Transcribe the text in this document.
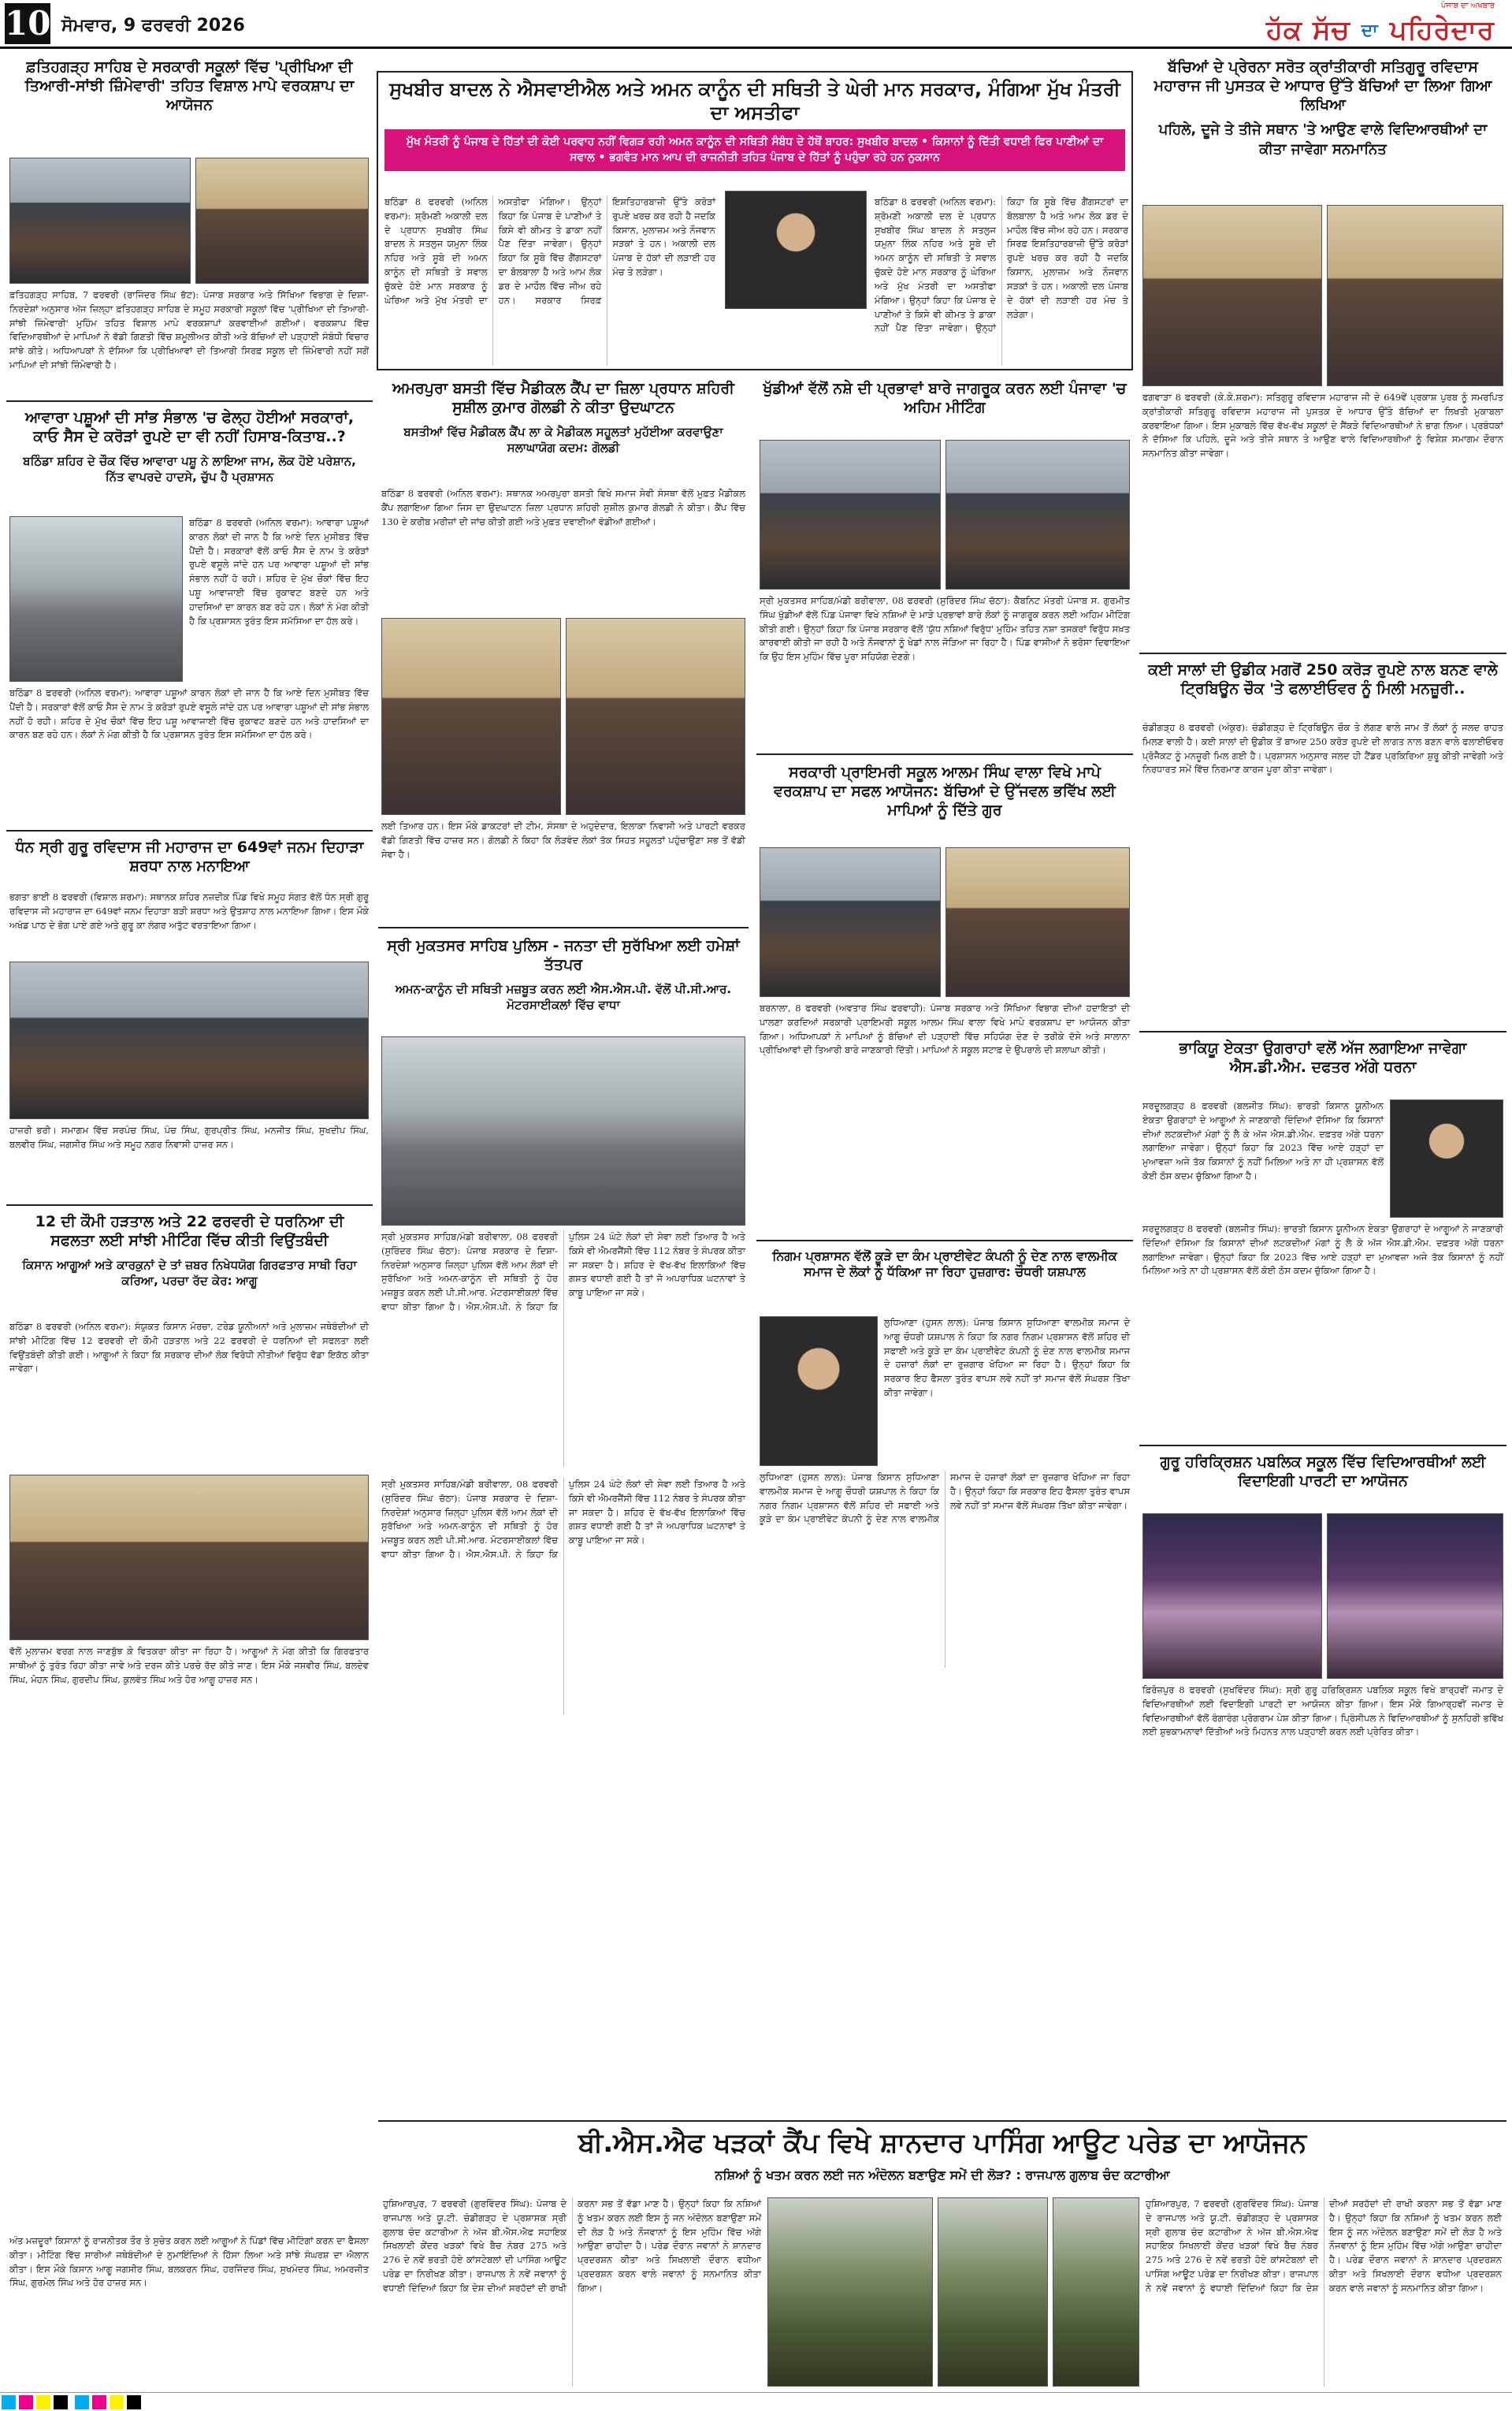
10 ਸੋਮਵਾਰ, 9 ਫਰਵਰੀ 2026
ਪੰਜਾਬ ਦਾ ਅਖ਼ਬਾਰ
ਹੱਕ ਸੱਚ ਦਾ ਪਹਿਰੇਦਾਰ
ਫ਼ਤਿਹਗੜ੍ਹ ਸਾਹਿਬ ਦੇ ਸਰਕਾਰੀ ਸਕੂਲਾਂ ਵਿੱਚ 'ਪ੍ਰੀਖਿਆ ਦੀ ਤਿਆਰੀ-ਸਾਂਝੀ ਜ਼ਿੰਮੇਵਾਰੀ' ਤਹਿਤ ਵਿਸ਼ਾਲ ਮਾਪੇ ਵਰਕਸ਼ਾਪ ਦਾ ਆਯੋਜਨ
ਫ਼ਤਿਹਗੜ੍ਹ ਸਾਹਿਬ, 7 ਫਰਵਰੀ (ਰਾਜਿੰਦਰ ਸਿੰਘ ਭੱਟ): ਪੰਜਾਬ ਸਰਕਾਰ ਅਤੇ ਸਿੱਖਿਆ ਵਿਭਾਗ ਦੇ ਦਿਸ਼ਾ-ਨਿਰਦੇਸ਼ਾਂ ਅਨੁਸਾਰ ਅੱਜ ਜ਼ਿਲ੍ਹਾ ਫ਼ਤਿਹਗੜ੍ਹ ਸਾਹਿਬ ਦੇ ਸਮੂਹ ਸਰਕਾਰੀ ਸਕੂਲਾਂ ਵਿੱਚ 'ਪ੍ਰੀਖਿਆ ਦੀ ਤਿਆਰੀ-ਸਾਂਝੀ ਜ਼ਿੰਮੇਵਾਰੀ' ਮੁਹਿੰਮ ਤਹਿਤ ਵਿਸ਼ਾਲ ਮਾਪੇ ਵਰਕਸ਼ਾਪਾਂ ਕਰਵਾਈਆਂ ਗਈਆਂ। ਵਰਕਸ਼ਾਪ ਵਿੱਚ ਵਿਦਿਆਰਥੀਆਂ ਦੇ ਮਾਪਿਆਂ ਨੇ ਵੱਡੀ ਗਿਣਤੀ ਵਿੱਚ ਸ਼ਮੂਲੀਅਤ ਕੀਤੀ ਅਤੇ ਬੱਚਿਆਂ ਦੀ ਪੜ੍ਹਾਈ ਸੰਬੰਧੀ ਵਿਚਾਰ ਸਾਂਝੇ ਕੀਤੇ। ਅਧਿਆਪਕਾਂ ਨੇ ਦੱਸਿਆ ਕਿ ਪ੍ਰੀਖਿਆਵਾਂ ਦੀ ਤਿਆਰੀ ਸਿਰਫ਼ ਸਕੂਲ ਦੀ ਜ਼ਿੰਮੇਵਾਰੀ ਨਹੀਂ ਸਗੋਂ ਮਾਪਿਆਂ ਦੀ ਸਾਂਝੀ ਜ਼ਿੰਮੇਵਾਰੀ ਹੈ।
ਆਵਾਰਾ ਪਸ਼ੂਆਂ ਦੀ ਸਾਂਭ ਸੰਭਾਲ 'ਚ ਫੇਲ੍ਹ ਹੋਈਆਂ ਸਰਕਾਰਾਂ, ਕਾਓ ਸੈਸ ਦੇ ਕਰੋੜਾਂ ਰੁਪਏ ਦਾ ਵੀ ਨਹੀਂ ਹਿਸਾਬ-ਕਿਤਾਬ..?
ਬਠਿੰਡਾ ਸ਼ਹਿਰ ਦੇ ਚੌਕ ਵਿੱਚ ਆਵਾਰਾ ਪਸ਼ੂ ਨੇ ਲਾਇਆ ਜਾਮ, ਲੋਕ ਹੋਏ ਪਰੇਸ਼ਾਨ, ਨਿੱਤ ਵਾਪਰਦੇ ਹਾਦਸੇ, ਚੁੱਪ ਹੈ ਪ੍ਰਸ਼ਾਸਨ
ਬਠਿੰਡਾ 8 ਫਰਵਰੀ (ਅਨਿਲ ਵਰਮਾ): ਆਵਾਰਾ ਪਸ਼ੂਆਂ ਕਾਰਨ ਲੋਕਾਂ ਦੀ ਜਾਨ ਹੈ ਕਿ ਆਏ ਦਿਨ ਮੁਸੀਬਤ ਵਿੱਚ ਪੈਂਦੀ ਹੈ। ਸਰਕਾਰਾਂ ਵੱਲੋਂ ਕਾਓ ਸੈਸ ਦੇ ਨਾਮ ਤੇ ਕਰੋੜਾਂ ਰੁਪਏ ਵਸੂਲੇ ਜਾਂਦੇ ਹਨ ਪਰ ਆਵਾਰਾ ਪਸ਼ੂਆਂ ਦੀ ਸਾਂਭ ਸੰਭਾਲ ਨਹੀਂ ਹੋ ਰਹੀ। ਸ਼ਹਿਰ ਦੇ ਮੁੱਖ ਚੌਕਾਂ ਵਿੱਚ ਇਹ ਪਸ਼ੂ ਆਵਾਜਾਈ ਵਿੱਚ ਰੁਕਾਵਟ ਬਣਦੇ ਹਨ ਅਤੇ ਹਾਦਸਿਆਂ ਦਾ ਕਾਰਨ ਬਣ ਰਹੇ ਹਨ। ਲੋਕਾਂ ਨੇ ਮੰਗ ਕੀਤੀ ਹੈ ਕਿ ਪ੍ਰਸ਼ਾਸਨ ਤੁਰੰਤ ਇਸ ਸਮੱਸਿਆ ਦਾ ਹੱਲ ਕਰੇ।
ਬਠਿੰਡਾ 8 ਫਰਵਰੀ (ਅਨਿਲ ਵਰਮਾ): ਆਵਾਰਾ ਪਸ਼ੂਆਂ ਕਾਰਨ ਲੋਕਾਂ ਦੀ ਜਾਨ ਹੈ ਕਿ ਆਏ ਦਿਨ ਮੁਸੀਬਤ ਵਿੱਚ ਪੈਂਦੀ ਹੈ। ਸਰਕਾਰਾਂ ਵੱਲੋਂ ਕਾਓ ਸੈਸ ਦੇ ਨਾਮ ਤੇ ਕਰੋੜਾਂ ਰੁਪਏ ਵਸੂਲੇ ਜਾਂਦੇ ਹਨ ਪਰ ਆਵਾਰਾ ਪਸ਼ੂਆਂ ਦੀ ਸਾਂਭ ਸੰਭਾਲ ਨਹੀਂ ਹੋ ਰਹੀ। ਸ਼ਹਿਰ ਦੇ ਮੁੱਖ ਚੌਕਾਂ ਵਿੱਚ ਇਹ ਪਸ਼ੂ ਆਵਾਜਾਈ ਵਿੱਚ ਰੁਕਾਵਟ ਬਣਦੇ ਹਨ ਅਤੇ ਹਾਦਸਿਆਂ ਦਾ ਕਾਰਨ ਬਣ ਰਹੇ ਹਨ। ਲੋਕਾਂ ਨੇ ਮੰਗ ਕੀਤੀ ਹੈ ਕਿ ਪ੍ਰਸ਼ਾਸਨ ਤੁਰੰਤ ਇਸ ਸਮੱਸਿਆ ਦਾ ਹੱਲ ਕਰੇ।
ਧੰਨ ਸ੍ਰੀ ਗੁਰੂ ਰਵਿਦਾਸ ਜੀ ਮਹਾਰਾਜ ਦਾ 649ਵਾਂ ਜਨਮ ਦਿਹਾੜਾ ਸ਼ਰਧਾ ਨਾਲ ਮਨਾਇਆ
ਭਗਤਾ ਭਾਈ 8 ਫਰਵਰੀ (ਵਿਸ਼ਾਲ ਸ਼ਰਮਾ): ਸਥਾਨਕ ਸ਼ਹਿਰ ਨਜ਼ਦੀਕ ਪਿੰਡ ਵਿਖੇ ਸਮੂਹ ਸੰਗਤ ਵੱਲੋਂ ਧੰਨ ਸ੍ਰੀ ਗੁਰੂ ਰਵਿਦਾਸ ਜੀ ਮਹਾਰਾਜ ਦਾ 649ਵਾਂ ਜਨਮ ਦਿਹਾੜਾ ਬੜੀ ਸ਼ਰਧਾ ਅਤੇ ਉਤਸ਼ਾਹ ਨਾਲ ਮਨਾਇਆ ਗਿਆ। ਇਸ ਮੌਕੇ ਅਖੰਡ ਪਾਠ ਦੇ ਭੋਗ ਪਾਏ ਗਏ ਅਤੇ ਗੁਰੂ ਕਾ ਲੰਗਰ ਅਤੁੱਟ ਵਰਤਾਇਆ ਗਿਆ।
ਹਾਜ਼ਰੀ ਭਰੀ। ਸਮਾਗਮ ਵਿੱਚ ਸਰਪੰਚ ਸਿੰਘ, ਪੰਚ ਸਿੰਘ, ਗੁਰਪ੍ਰੀਤ ਸਿੰਘ, ਮਨਜੀਤ ਸਿੰਘ, ਸੁਖਦੀਪ ਸਿੰਘ, ਬਲਵੀਰ ਸਿੰਘ, ਜਗਸੀਰ ਸਿੰਘ ਅਤੇ ਸਮੂਹ ਨਗਰ ਨਿਵਾਸੀ ਹਾਜ਼ਰ ਸਨ।
12 ਦੀ ਕੌਮੀ ਹੜਤਾਲ ਅਤੇ 22 ਫਰਵਰੀ ਦੇ ਧਰਨਿਆ ਦੀ ਸਫਲਤਾ ਲਈ ਸਾਂਝੀ ਮੀਟਿੰਗ ਵਿੱਚ ਕੀਤੀ ਵਿਉਂਤਬੰਦੀ
ਕਿਸਾਨ ਆਗੂਆਂ ਅਤੇ ਕਾਰਕੁਨਾਂ ਦੇ ਤਾਂ ਜ਼ਬਰ ਨਿਖੇਧਯੋਗ ਗਿਰਫਤਾਰ ਸਾਥੀ ਰਿਹਾ ਕਰਿਆ, ਪਰਚਾ ਰੱਦ ਕੇਰ: ਆਗੂ
ਬਠਿੰਡਾ 8 ਫਰਵਰੀ (ਅਨਿਲ ਵਰਮਾ): ਸੰਯੁਕਤ ਕਿਸਾਨ ਮੋਰਚਾ, ਟਰੇਡ ਯੂਨੀਅਨਾਂ ਅਤੇ ਮੁਲਾਜ਼ਮ ਜਥੇਬੰਦੀਆਂ ਦੀ ਸਾਂਝੀ ਮੀਟਿੰਗ ਵਿੱਚ 12 ਫਰਵਰੀ ਦੀ ਕੌਮੀ ਹੜਤਾਲ ਅਤੇ 22 ਫਰਵਰੀ ਦੇ ਧਰਨਿਆਂ ਦੀ ਸਫਲਤਾ ਲਈ ਵਿਉਂਤਬੰਦੀ ਕੀਤੀ ਗਈ। ਆਗੂਆਂ ਨੇ ਕਿਹਾ ਕਿ ਸਰਕਾਰ ਦੀਆਂ ਲੋਕ ਵਿਰੋਧੀ ਨੀਤੀਆਂ ਵਿਰੁੱਧ ਵੱਡਾ ਇਕੱਠ ਕੀਤਾ ਜਾਵੇਗਾ।
ਵੱਲੋਂ ਮੁਲਾਜ਼ਮ ਵਰਗ ਨਾਲ ਜਾਣਬੁੱਝ ਕੇ ਵਿਤਕਰਾ ਕੀਤਾ ਜਾ ਰਿਹਾ ਹੈ। ਆਗੂਆਂ ਨੇ ਮੰਗ ਕੀਤੀ ਕਿ ਗਿਰਫਤਾਰ ਸਾਥੀਆਂ ਨੂੰ ਤੁਰੰਤ ਰਿਹਾ ਕੀਤਾ ਜਾਵੇ ਅਤੇ ਦਰਜ ਕੀਤੇ ਪਰਚੇ ਰੱਦ ਕੀਤੇ ਜਾਣ। ਇਸ ਮੌਕੇ ਜਸਵੀਰ ਸਿੰਘ, ਬਲਦੇਵ ਸਿੰਘ, ਮੋਹਨ ਸਿੰਘ, ਗੁਰਦੀਪ ਸਿੰਘ, ਕੁਲਵੰਤ ਸਿੰਘ ਅਤੇ ਹੋਰ ਆਗੂ ਹਾਜ਼ਰ ਸਨ।
ਅੰਤ ਮਜ਼ਦੂਰਾਂ ਕਿਸਾਨਾਂ ਨੂੰ ਰਾਜਨੀਤਕ ਤੌਰ ਤੇ ਸੁਚੇਤ ਕਰਨ ਲਈ ਆਗੂਆਂ ਨੇ ਪਿੰਡਾਂ ਵਿੱਚ ਮੀਟਿੰਗਾਂ ਕਰਨ ਦਾ ਫੈਸਲਾ ਕੀਤਾ। ਮੀਟਿੰਗ ਵਿੱਚ ਸਾਰੀਆਂ ਜਥੇਬੰਦੀਆਂ ਦੇ ਨੁਮਾਇੰਦਿਆਂ ਨੇ ਹਿੱਸਾ ਲਿਆ ਅਤੇ ਸਾਂਝੇ ਸੰਘਰਸ਼ ਦਾ ਐਲਾਨ ਕੀਤਾ। ਇਸ ਮੌਕੇ ਕਿਸਾਨ ਆਗੂ ਜਗਸੀਰ ਸਿੰਘ, ਬਲਕਰਨ ਸਿੰਘ, ਹਰਜਿੰਦਰ ਸਿੰਘ, ਸੁਖਮੰਦਰ ਸਿੰਘ, ਅਮਰਜੀਤ ਸਿੰਘ, ਗੁਰਮੇਲ ਸਿੰਘ ਅਤੇ ਹੋਰ ਹਾਜ਼ਰ ਸਨ।
ਸੁਖਬੀਰ ਬਾਦਲ ਨੇ ਐਸਵਾਈਐਲ ਅਤੇ ਅਮਨ ਕਾਨੂੰਨ ਦੀ ਸਥਿਤੀ ਤੇ ਘੇਰੀ ਮਾਨ ਸਰਕਾਰ, ਮੰਗਿਆ ਮੁੱਖ ਮੰਤਰੀ ਦਾ ਅਸਤੀਫਾ
ਮੁੱਖ ਮੰਤਰੀ ਨੂੰ ਪੰਜਾਬ ਦੇ ਹਿੱਤਾਂ ਦੀ ਕੋਈ ਪਰਵਾਹ ਨਹੀਂ ਵਿਗੜ ਰਹੀ ਅਮਨ ਕਾਨੂੰਨ ਦੀ ਸਥਿਤੀ ਸੰਬੰਧ ਦੇ ਹੱਥੋਂ ਬਾਹਰ: ਸੁਖਬੀਰ ਬਾਦਲ • ਕਿਸਾਨਾਂ ਨੂੰ ਦਿੱਤੀ ਵਧਾਈ ਫਿਰ ਪਾਣੀਆਂ ਦਾ ਸਵਾਲ • ਭਗਵੰਤ ਮਾਨ ਆਪ ਦੀ ਰਾਜਨੀਤੀ ਤਹਿਤ ਪੰਜਾਬ ਦੇ ਹਿੱਤਾਂ ਨੂੰ ਪਹੁੰਚਾ ਰਹੇ ਹਨ ਨੁਕਸਾਨ
ਬਠਿੰਡਾ 8 ਫਰਵਰੀ (ਅਨਿਲ ਵਰਮਾ): ਸ਼੍ਰੋਮਣੀ ਅਕਾਲੀ ਦਲ ਦੇ ਪ੍ਰਧਾਨ ਸੁਖਬੀਰ ਸਿੰਘ ਬਾਦਲ ਨੇ ਸਤਲੁਜ ਯਮੁਨਾ ਲਿੰਕ ਨਹਿਰ ਅਤੇ ਸੂਬੇ ਦੀ ਅਮਨ ਕਾਨੂੰਨ ਦੀ ਸਥਿਤੀ ਤੇ ਸਵਾਲ ਚੁੱਕਦੇ ਹੋਏ ਮਾਨ ਸਰਕਾਰ ਨੂੰ ਘੇਰਿਆ ਅਤੇ ਮੁੱਖ ਮੰਤਰੀ ਦਾ ਅਸਤੀਫਾ ਮੰਗਿਆ। ਉਨ੍ਹਾਂ ਕਿਹਾ ਕਿ ਪੰਜਾਬ ਦੇ ਪਾਣੀਆਂ ਤੇ ਕਿਸੇ ਵੀ ਕੀਮਤ ਤੇ ਡਾਕਾ ਨਹੀਂ ਪੈਣ ਦਿੱਤਾ ਜਾਵੇਗਾ। ਉਨ੍ਹਾਂ ਕਿਹਾ ਕਿ ਸੂਬੇ ਵਿੱਚ ਗੈਂਗਸਟਰਾਂ ਦਾ ਬੋਲਬਾਲਾ ਹੈ ਅਤੇ ਆਮ ਲੋਕ ਡਰ ਦੇ ਮਾਹੌਲ ਵਿੱਚ ਜੀਅ ਰਹੇ ਹਨ। ਸਰਕਾਰ ਸਿਰਫ਼ ਇਸ਼ਤਿਹਾਰਬਾਜ਼ੀ ਉੱਤੇ ਕਰੋੜਾਂ ਰੁਪਏ ਖਰਚ ਕਰ ਰਹੀ ਹੈ ਜਦਕਿ ਕਿਸਾਨ, ਮੁਲਾਜ਼ਮ ਅਤੇ ਨੌਜਵਾਨ ਸੜਕਾਂ ਤੇ ਹਨ। ਅਕਾਲੀ ਦਲ ਪੰਜਾਬ ਦੇ ਹੱਕਾਂ ਦੀ ਲੜਾਈ ਹਰ ਮੰਚ ਤੇ ਲੜੇਗਾ।
ਬਠਿੰਡਾ 8 ਫਰਵਰੀ (ਅਨਿਲ ਵਰਮਾ): ਸ਼੍ਰੋਮਣੀ ਅਕਾਲੀ ਦਲ ਦੇ ਪ੍ਰਧਾਨ ਸੁਖਬੀਰ ਸਿੰਘ ਬਾਦਲ ਨੇ ਸਤਲੁਜ ਯਮੁਨਾ ਲਿੰਕ ਨਹਿਰ ਅਤੇ ਸੂਬੇ ਦੀ ਅਮਨ ਕਾਨੂੰਨ ਦੀ ਸਥਿਤੀ ਤੇ ਸਵਾਲ ਚੁੱਕਦੇ ਹੋਏ ਮਾਨ ਸਰਕਾਰ ਨੂੰ ਘੇਰਿਆ ਅਤੇ ਮੁੱਖ ਮੰਤਰੀ ਦਾ ਅਸਤੀਫਾ ਮੰਗਿਆ। ਉਨ੍ਹਾਂ ਕਿਹਾ ਕਿ ਪੰਜਾਬ ਦੇ ਪਾਣੀਆਂ ਤੇ ਕਿਸੇ ਵੀ ਕੀਮਤ ਤੇ ਡਾਕਾ ਨਹੀਂ ਪੈਣ ਦਿੱਤਾ ਜਾਵੇਗਾ। ਉਨ੍ਹਾਂ ਕਿਹਾ ਕਿ ਸੂਬੇ ਵਿੱਚ ਗੈਂਗਸਟਰਾਂ ਦਾ ਬੋਲਬਾਲਾ ਹੈ ਅਤੇ ਆਮ ਲੋਕ ਡਰ ਦੇ ਮਾਹੌਲ ਵਿੱਚ ਜੀਅ ਰਹੇ ਹਨ। ਸਰਕਾਰ ਸਿਰਫ਼ ਇਸ਼ਤਿਹਾਰਬਾਜ਼ੀ ਉੱਤੇ ਕਰੋੜਾਂ ਰੁਪਏ ਖਰਚ ਕਰ ਰਹੀ ਹੈ ਜਦਕਿ ਕਿਸਾਨ, ਮੁਲਾਜ਼ਮ ਅਤੇ ਨੌਜਵਾਨ ਸੜਕਾਂ ਤੇ ਹਨ। ਅਕਾਲੀ ਦਲ ਪੰਜਾਬ ਦੇ ਹੱਕਾਂ ਦੀ ਲੜਾਈ ਹਰ ਮੰਚ ਤੇ ਲੜੇਗਾ।
ਅਮਰਪੁਰਾ ਬਸਤੀ ਵਿੱਚ ਮੈਡੀਕਲ ਕੈਂਪ ਦਾ ਜ਼ਿਲਾ ਪ੍ਰਧਾਨ ਸ਼ਹਿਰੀ ਸੁਸ਼ੀਲ ਕੁਮਾਰ ਗੋਲਡੀ ਨੇ ਕੀਤਾ ਉਦਘਾਟਨ
ਬਸਤੀਆਂ ਵਿੱਚ ਮੈਡੀਕਲ ਕੈਂਪ ਲਾ ਕੇ ਮੈਡੀਕਲ ਸਹੂਲਤਾਂ ਮੁਹੱਈਆ ਕਰਵਾਉਣਾ ਸਲਾਘਾਯੋਗ ਕਦਮ: ਗੋਲਡੀ
ਬਠਿੰਡਾ 8 ਫਰਵਰੀ (ਅਨਿਲ ਵਰਮਾ): ਸਥਾਨਕ ਅਮਰਪੁਰਾ ਬਸਤੀ ਵਿਖੇ ਸਮਾਜ ਸੇਵੀ ਸੰਸਥਾ ਵੱਲੋਂ ਮੁਫ਼ਤ ਮੈਡੀਕਲ ਕੈਂਪ ਲਗਾਇਆ ਗਿਆ ਜਿਸ ਦਾ ਉਦਘਾਟਨ ਜ਼ਿਲਾ ਪ੍ਰਧਾਨ ਸ਼ਹਿਰੀ ਸੁਸ਼ੀਲ ਕੁਮਾਰ ਗੋਲਡੀ ਨੇ ਕੀਤਾ। ਕੈਂਪ ਵਿੱਚ 130 ਦੇ ਕਰੀਬ ਮਰੀਜ਼ਾਂ ਦੀ ਜਾਂਚ ਕੀਤੀ ਗਈ ਅਤੇ ਮੁਫ਼ਤ ਦਵਾਈਆਂ ਵੰਡੀਆਂ ਗਈਆਂ।
ਲਈ ਤਿਆਰ ਹਨ। ਇਸ ਮੌਕੇ ਡਾਕਟਰਾਂ ਦੀ ਟੀਮ, ਸੰਸਥਾ ਦੇ ਅਹੁਦੇਦਾਰ, ਇਲਾਕਾ ਨਿਵਾਸੀ ਅਤੇ ਪਾਰਟੀ ਵਰਕਰ ਵੱਡੀ ਗਿਣਤੀ ਵਿੱਚ ਹਾਜ਼ਰ ਸਨ। ਗੋਲਡੀ ਨੇ ਕਿਹਾ ਕਿ ਲੋੜਵੰਦ ਲੋਕਾਂ ਤੱਕ ਸਿਹਤ ਸਹੂਲਤਾਂ ਪਹੁੰਚਾਉਣਾ ਸਭ ਤੋਂ ਵੱਡੀ ਸੇਵਾ ਹੈ।
ਸ੍ਰੀ ਮੁਕਤਸਰ ਸਾਹਿਬ ਪੁਲਿਸ - ਜਨਤਾ ਦੀ ਸੁਰੱਖਿਆ ਲਈ ਹਮੇਸ਼ਾਂ ਤੱਤਪਰ
ਅਮਨ-ਕਾਨੂੰਨ ਦੀ ਸਥਿਤੀ ਮਜ਼ਬੂਤ ਕਰਨ ਲਈ ਐਸ.ਐਸ.ਪੀ. ਵੱਲੋਂ ਪੀ.ਸੀ.ਆਰ. ਮੋਟਰਸਾਈਕਲਾਂ ਵਿੱਚ ਵਾਧਾ
ਸ੍ਰੀ ਮੁਕਤਸਰ ਸਾਹਿਬ/ਮੰਡੀ ਬਰੀਵਾਲਾ, 08 ਫਰਵਰੀ (ਸੁਰਿੰਦਰ ਸਿੰਘ ਚੱਠਾ): ਪੰਜਾਬ ਸਰਕਾਰ ਦੇ ਦਿਸ਼ਾ-ਨਿਰਦੇਸ਼ਾਂ ਅਨੁਸਾਰ ਜ਼ਿਲ੍ਹਾ ਪੁਲਿਸ ਵੱਲੋਂ ਆਮ ਲੋਕਾਂ ਦੀ ਸੁਰੱਖਿਆ ਅਤੇ ਅਮਨ-ਕਾਨੂੰਨ ਦੀ ਸਥਿਤੀ ਨੂੰ ਹੋਰ ਮਜ਼ਬੂਤ ਕਰਨ ਲਈ ਪੀ.ਸੀ.ਆਰ. ਮੋਟਰਸਾਈਕਲਾਂ ਵਿੱਚ ਵਾਧਾ ਕੀਤਾ ਗਿਆ ਹੈ। ਐਸ.ਐਸ.ਪੀ. ਨੇ ਕਿਹਾ ਕਿ ਪੁਲਿਸ 24 ਘੰਟੇ ਲੋਕਾਂ ਦੀ ਸੇਵਾ ਲਈ ਤਿਆਰ ਹੈ ਅਤੇ ਕਿਸੇ ਵੀ ਐਮਰਜੈਂਸੀ ਵਿੱਚ 112 ਨੰਬਰ ਤੇ ਸੰਪਰਕ ਕੀਤਾ ਜਾ ਸਕਦਾ ਹੈ। ਸ਼ਹਿਰ ਦੇ ਵੱਖ-ਵੱਖ ਇਲਾਕਿਆਂ ਵਿੱਚ ਗਸ਼ਤ ਵਧਾਈ ਗਈ ਹੈ ਤਾਂ ਜੋ ਅਪਰਾਧਿਕ ਘਟਨਾਵਾਂ ਤੇ ਕਾਬੂ ਪਾਇਆ ਜਾ ਸਕੇ।
ਸ੍ਰੀ ਮੁਕਤਸਰ ਸਾਹਿਬ/ਮੰਡੀ ਬਰੀਵਾਲਾ, 08 ਫਰਵਰੀ (ਸੁਰਿੰਦਰ ਸਿੰਘ ਚੱਠਾ): ਪੰਜਾਬ ਸਰਕਾਰ ਦੇ ਦਿਸ਼ਾ-ਨਿਰਦੇਸ਼ਾਂ ਅਨੁਸਾਰ ਜ਼ਿਲ੍ਹਾ ਪੁਲਿਸ ਵੱਲੋਂ ਆਮ ਲੋਕਾਂ ਦੀ ਸੁਰੱਖਿਆ ਅਤੇ ਅਮਨ-ਕਾਨੂੰਨ ਦੀ ਸਥਿਤੀ ਨੂੰ ਹੋਰ ਮਜ਼ਬੂਤ ਕਰਨ ਲਈ ਪੀ.ਸੀ.ਆਰ. ਮੋਟਰਸਾਈਕਲਾਂ ਵਿੱਚ ਵਾਧਾ ਕੀਤਾ ਗਿਆ ਹੈ। ਐਸ.ਐਸ.ਪੀ. ਨੇ ਕਿਹਾ ਕਿ ਪੁਲਿਸ 24 ਘੰਟੇ ਲੋਕਾਂ ਦੀ ਸੇਵਾ ਲਈ ਤਿਆਰ ਹੈ ਅਤੇ ਕਿਸੇ ਵੀ ਐਮਰਜੈਂਸੀ ਵਿੱਚ 112 ਨੰਬਰ ਤੇ ਸੰਪਰਕ ਕੀਤਾ ਜਾ ਸਕਦਾ ਹੈ। ਸ਼ਹਿਰ ਦੇ ਵੱਖ-ਵੱਖ ਇਲਾਕਿਆਂ ਵਿੱਚ ਗਸ਼ਤ ਵਧਾਈ ਗਈ ਹੈ ਤਾਂ ਜੋ ਅਪਰਾਧਿਕ ਘਟਨਾਵਾਂ ਤੇ ਕਾਬੂ ਪਾਇਆ ਜਾ ਸਕੇ।
ਖੁੱਡੀਆਂ ਵੱਲੋਂ ਨਸ਼ੇ ਦੀ ਪ੍ਰਭਾਵਾਂ ਬਾਰੇ ਜਾਗਰੂਕ ਕਰਨ ਲਈ ਪੰਜਾਵਾ 'ਚ ਅਹਿਮ ਮੀਟਿੰਗ
ਸ੍ਰੀ ਮੁਕਤਸਰ ਸਾਹਿਬ/ਮੰਡੀ ਬਰੀਵਾਲਾ, 08 ਫਰਵਰੀ (ਸੁਰਿੰਦਰ ਸਿੰਘ ਚੱਠਾ): ਕੈਬਨਿਟ ਮੰਤਰੀ ਪੰਜਾਬ ਸ. ਗੁਰਮੀਤ ਸਿੰਘ ਖੁੱਡੀਆਂ ਵੱਲੋਂ ਪਿੰਡ ਪੰਜਾਵਾ ਵਿਖੇ ਨਸ਼ਿਆਂ ਦੇ ਮਾੜੇ ਪ੍ਰਭਾਵਾਂ ਬਾਰੇ ਲੋਕਾਂ ਨੂੰ ਜਾਗਰੂਕ ਕਰਨ ਲਈ ਅਹਿਮ ਮੀਟਿੰਗ ਕੀਤੀ ਗਈ। ਉਨ੍ਹਾਂ ਕਿਹਾ ਕਿ ਪੰਜਾਬ ਸਰਕਾਰ ਵੱਲੋਂ 'ਯੁੱਧ ਨਸ਼ਿਆਂ ਵਿਰੁੱਧ' ਮੁਹਿੰਮ ਤਹਿਤ ਨਸ਼ਾ ਤਸਕਰਾਂ ਵਿਰੁੱਧ ਸਖ਼ਤ ਕਾਰਵਾਈ ਕੀਤੀ ਜਾ ਰਹੀ ਹੈ ਅਤੇ ਨੌਜਵਾਨਾਂ ਨੂੰ ਖੇਡਾਂ ਨਾਲ ਜੋੜਿਆ ਜਾ ਰਿਹਾ ਹੈ। ਪਿੰਡ ਵਾਸੀਆਂ ਨੇ ਭਰੋਸਾ ਦਿਵਾਇਆ ਕਿ ਉਹ ਇਸ ਮੁਹਿੰਮ ਵਿੱਚ ਪੂਰਾ ਸਹਿਯੋਗ ਦੇਣਗੇ।
ਸਰਕਾਰੀ ਪ੍ਰਾਇਮਰੀ ਸਕੂਲ ਆਲਮ ਸਿੰਘ ਵਾਲਾ ਵਿਖੇ ਮਾਪੇ ਵਰਕਸ਼ਾਪ ਦਾ ਸਫਲ ਆਯੋਜਨ: ਬੱਚਿਆਂ ਦੇ ਉੱਜਵਲ ਭਵਿੱਖ ਲਈ ਮਾਪਿਆਂ ਨੂੰ ਦਿੱਤੇ ਗੁਰ
ਬਰਨਾਲਾ, 8 ਫਰਵਰੀ (ਅਵਤਾਰ ਸਿੰਘ ਫਰਵਾਹੀ): ਪੰਜਾਬ ਸਰਕਾਰ ਅਤੇ ਸਿੱਖਿਆ ਵਿਭਾਗ ਦੀਆਂ ਹਦਾਇਤਾਂ ਦੀ ਪਾਲਣਾ ਕਰਦਿਆਂ ਸਰਕਾਰੀ ਪ੍ਰਾਇਮਰੀ ਸਕੂਲ ਆਲਮ ਸਿੰਘ ਵਾਲਾ ਵਿਖੇ ਮਾਪੇ ਵਰਕਸ਼ਾਪ ਦਾ ਆਯੋਜਨ ਕੀਤਾ ਗਿਆ। ਅਧਿਆਪਕਾਂ ਨੇ ਮਾਪਿਆਂ ਨੂੰ ਬੱਚਿਆਂ ਦੀ ਪੜ੍ਹਾਈ ਵਿੱਚ ਸਹਿਯੋਗ ਦੇਣ ਦੇ ਤਰੀਕੇ ਦੱਸੇ ਅਤੇ ਸਾਲਾਨਾ ਪ੍ਰੀਖਿਆਵਾਂ ਦੀ ਤਿਆਰੀ ਬਾਰੇ ਜਾਣਕਾਰੀ ਦਿੱਤੀ। ਮਾਪਿਆਂ ਨੇ ਸਕੂਲ ਸਟਾਫ਼ ਦੇ ਉਪਰਾਲੇ ਦੀ ਸ਼ਲਾਘਾ ਕੀਤੀ।
ਨਿਗਮ ਪ੍ਰਸ਼ਾਸਨ ਵੱਲੋਂ ਕੂੜੇ ਦਾ ਕੰਮ ਪ੍ਰਾਈਵੇਟ ਕੰਪਨੀ ਨੂੰ ਦੇਣ ਨਾਲ ਵਾਲਮੀਕ ਸਮਾਜ ਦੇ ਲੋਕਾਂ ਨੂੰ ਧੱਕਿਆ ਜਾ ਰਿਹਾ ਹੁਜ਼ਗਾਰ: ਚੌਧਰੀ ਯਸ਼ਪਾਲ
ਲੁਧਿਆਣਾ (ਹੁਸਨ ਲਾਲ): ਪੰਜਾਬ ਕਿਸਾਨ ਸੁਧਿਆਣਾ ਵਾਲਮੀਕ ਸਮਾਜ ਦੇ ਆਗੂ ਚੌਧਰੀ ਯਸ਼ਪਾਲ ਨੇ ਕਿਹਾ ਕਿ ਨਗਰ ਨਿਗਮ ਪ੍ਰਸ਼ਾਸਨ ਵੱਲੋਂ ਸ਼ਹਿਰ ਦੀ ਸਫਾਈ ਅਤੇ ਕੂੜੇ ਦਾ ਕੰਮ ਪ੍ਰਾਈਵੇਟ ਕੰਪਨੀ ਨੂੰ ਦੇਣ ਨਾਲ ਵਾਲਮੀਕ ਸਮਾਜ ਦੇ ਹਜ਼ਾਰਾਂ ਲੋਕਾਂ ਦਾ ਰੁਜ਼ਗਾਰ ਖੋਹਿਆ ਜਾ ਰਿਹਾ ਹੈ। ਉਨ੍ਹਾਂ ਕਿਹਾ ਕਿ ਸਰਕਾਰ ਇਹ ਫੈਸਲਾ ਤੁਰੰਤ ਵਾਪਸ ਲਵੇ ਨਹੀਂ ਤਾਂ ਸਮਾਜ ਵੱਲੋਂ ਸੰਘਰਸ਼ ਤਿੱਖਾ ਕੀਤਾ ਜਾਵੇਗਾ।
ਲੁਧਿਆਣਾ (ਹੁਸਨ ਲਾਲ): ਪੰਜਾਬ ਕਿਸਾਨ ਸੁਧਿਆਣਾ ਵਾਲਮੀਕ ਸਮਾਜ ਦੇ ਆਗੂ ਚੌਧਰੀ ਯਸ਼ਪਾਲ ਨੇ ਕਿਹਾ ਕਿ ਨਗਰ ਨਿਗਮ ਪ੍ਰਸ਼ਾਸਨ ਵੱਲੋਂ ਸ਼ਹਿਰ ਦੀ ਸਫਾਈ ਅਤੇ ਕੂੜੇ ਦਾ ਕੰਮ ਪ੍ਰਾਈਵੇਟ ਕੰਪਨੀ ਨੂੰ ਦੇਣ ਨਾਲ ਵਾਲਮੀਕ ਸਮਾਜ ਦੇ ਹਜ਼ਾਰਾਂ ਲੋਕਾਂ ਦਾ ਰੁਜ਼ਗਾਰ ਖੋਹਿਆ ਜਾ ਰਿਹਾ ਹੈ। ਉਨ੍ਹਾਂ ਕਿਹਾ ਕਿ ਸਰਕਾਰ ਇਹ ਫੈਸਲਾ ਤੁਰੰਤ ਵਾਪਸ ਲਵੇ ਨਹੀਂ ਤਾਂ ਸਮਾਜ ਵੱਲੋਂ ਸੰਘਰਸ਼ ਤਿੱਖਾ ਕੀਤਾ ਜਾਵੇਗਾ।
ਬੱਚਿਆਂ ਦੇ ਪ੍ਰੇਰਨਾ ਸਰੋਤ ਕ੍ਰਾਂਤੀਕਾਰੀ ਸਤਿਗੁਰੂ ਰਵਿਦਾਸ ਮਹਾਰਾਜ ਜੀ ਪੁਸਤਕ ਦੇ ਆਧਾਰ ਉੱਤੇ ਬੱਚਿਆਂ ਦਾ ਲਿਆ ਗਿਆ ਲਿਖਿਆ
ਪਹਿਲੇ, ਦੂਜੇ ਤੇ ਤੀਜੇ ਸਥਾਨ 'ਤੇ ਆਉਣ ਵਾਲੇ ਵਿਦਿਆਰਥੀਆਂ ਦਾ ਕੀਤਾ ਜਾਵੇਗਾ ਸਨਮਾਨਿਤ
ਫਗਵਾੜਾ 8 ਫਰਵਰੀ (ਕੇ.ਕੇ.ਸ਼ਰਮਾ): ਸਤਿਗੁਰੂ ਰਵਿਦਾਸ ਮਹਾਰਾਜ ਜੀ ਦੇ 649ਵੇਂ ਪ੍ਰਕਾਸ਼ ਪੁਰਬ ਨੂੰ ਸਮਰਪਿਤ ਕ੍ਰਾਂਤੀਕਾਰੀ ਸਤਿਗੁਰੂ ਰਵਿਦਾਸ ਮਹਾਰਾਜ ਜੀ ਪੁਸਤਕ ਦੇ ਆਧਾਰ ਉੱਤੇ ਬੱਚਿਆਂ ਦਾ ਲਿਖਤੀ ਮੁਕਾਬਲਾ ਕਰਵਾਇਆ ਗਿਆ। ਇਸ ਮੁਕਾਬਲੇ ਵਿੱਚ ਵੱਖ-ਵੱਖ ਸਕੂਲਾਂ ਦੇ ਸੈਂਕੜੇ ਵਿਦਿਆਰਥੀਆਂ ਨੇ ਭਾਗ ਲਿਆ। ਪ੍ਰਬੰਧਕਾਂ ਨੇ ਦੱਸਿਆ ਕਿ ਪਹਿਲੇ, ਦੂਜੇ ਅਤੇ ਤੀਜੇ ਸਥਾਨ ਤੇ ਆਉਣ ਵਾਲੇ ਵਿਦਿਆਰਥੀਆਂ ਨੂੰ ਵਿਸ਼ੇਸ਼ ਸਮਾਗਮ ਦੌਰਾਨ ਸਨਮਾਨਿਤ ਕੀਤਾ ਜਾਵੇਗਾ।
ਕਈ ਸਾਲਾਂ ਦੀ ਉਡੀਕ ਮਗਰੋਂ 250 ਕਰੋੜ ਰੁਪਏ ਨਾਲ ਬਨਣ ਵਾਲੇ ਟ੍ਰਿਬਿਊਨ ਚੌਕ 'ਤੇ ਫਲਾਈਓਵਰ ਨੂੰ ਮਿਲੀ ਮਨਜ਼ੂਰੀ..
ਚੰਡੀਗੜ੍ਹ 8 ਫਰਵਰੀ (ਅੰਕੁਰ): ਚੰਡੀਗੜ੍ਹ ਦੇ ਟ੍ਰਿਬਿਊਨ ਚੌਕ ਤੇ ਲੱਗਣ ਵਾਲੇ ਜਾਮ ਤੋਂ ਲੋਕਾਂ ਨੂੰ ਜਲਦ ਰਾਹਤ ਮਿਲਣ ਵਾਲੀ ਹੈ। ਕਈ ਸਾਲਾਂ ਦੀ ਉਡੀਕ ਤੋਂ ਬਾਅਦ 250 ਕਰੋੜ ਰੁਪਏ ਦੀ ਲਾਗਤ ਨਾਲ ਬਣਨ ਵਾਲੇ ਫਲਾਈਓਵਰ ਪ੍ਰੋਜੈਕਟ ਨੂੰ ਮਨਜ਼ੂਰੀ ਮਿਲ ਗਈ ਹੈ। ਪ੍ਰਸ਼ਾਸਨ ਅਨੁਸਾਰ ਜਲਦ ਹੀ ਟੈਂਡਰ ਪ੍ਰਕਿਰਿਆ ਸ਼ੁਰੂ ਕੀਤੀ ਜਾਵੇਗੀ ਅਤੇ ਨਿਰਧਾਰਤ ਸਮੇਂ ਵਿੱਚ ਨਿਰਮਾਣ ਕਾਰਜ ਪੂਰਾ ਕੀਤਾ ਜਾਵੇਗਾ।
ਭਾਕਿਯੂ ਏਕਤਾ ਉਗਰਾਹਾਂ ਵਲੋਂ ਅੱਜ ਲਗਾਇਆ ਜਾਵੇਗਾ ਐਸ.ਡੀ.ਐਮ. ਦਫਤਰ ਅੱਗੇ ਧਰਨਾ
ਸਰਦੂਲਗੜ੍ਹ 8 ਫਰਵਰੀ (ਬਲਜੀਤ ਸਿੰਘ): ਭਾਰਤੀ ਕਿਸਾਨ ਯੂਨੀਅਨ ਏਕਤਾ ਉਗਰਾਹਾਂ ਦੇ ਆਗੂਆਂ ਨੇ ਜਾਣਕਾਰੀ ਦਿੰਦਿਆਂ ਦੱਸਿਆ ਕਿ ਕਿਸਾਨਾਂ ਦੀਆਂ ਲਟਕਦੀਆਂ ਮੰਗਾਂ ਨੂੰ ਲੈ ਕੇ ਅੱਜ ਐਸ.ਡੀ.ਐਮ. ਦਫ਼ਤਰ ਅੱਗੇ ਧਰਨਾ ਲਗਾਇਆ ਜਾਵੇਗਾ। ਉਨ੍ਹਾਂ ਕਿਹਾ ਕਿ 2023 ਵਿੱਚ ਆਏ ਹੜ੍ਹਾਂ ਦਾ ਮੁਆਵਜ਼ਾ ਅਜੇ ਤੱਕ ਕਿਸਾਨਾਂ ਨੂੰ ਨਹੀਂ ਮਿਲਿਆ ਅਤੇ ਨਾ ਹੀ ਪ੍ਰਸ਼ਾਸਨ ਵੱਲੋਂ ਕੋਈ ਠੋਸ ਕਦਮ ਚੁੱਕਿਆ ਗਿਆ ਹੈ।
ਸਰਦੂਲਗੜ੍ਹ 8 ਫਰਵਰੀ (ਬਲਜੀਤ ਸਿੰਘ): ਭਾਰਤੀ ਕਿਸਾਨ ਯੂਨੀਅਨ ਏਕਤਾ ਉਗਰਾਹਾਂ ਦੇ ਆਗੂਆਂ ਨੇ ਜਾਣਕਾਰੀ ਦਿੰਦਿਆਂ ਦੱਸਿਆ ਕਿ ਕਿਸਾਨਾਂ ਦੀਆਂ ਲਟਕਦੀਆਂ ਮੰਗਾਂ ਨੂੰ ਲੈ ਕੇ ਅੱਜ ਐਸ.ਡੀ.ਐਮ. ਦਫ਼ਤਰ ਅੱਗੇ ਧਰਨਾ ਲਗਾਇਆ ਜਾਵੇਗਾ। ਉਨ੍ਹਾਂ ਕਿਹਾ ਕਿ 2023 ਵਿੱਚ ਆਏ ਹੜ੍ਹਾਂ ਦਾ ਮੁਆਵਜ਼ਾ ਅਜੇ ਤੱਕ ਕਿਸਾਨਾਂ ਨੂੰ ਨਹੀਂ ਮਿਲਿਆ ਅਤੇ ਨਾ ਹੀ ਪ੍ਰਸ਼ਾਸਨ ਵੱਲੋਂ ਕੋਈ ਠੋਸ ਕਦਮ ਚੁੱਕਿਆ ਗਿਆ ਹੈ।
ਗੁਰੂ ਹਰਿਕ੍ਰਿਸ਼ਨ ਪਬਲਿਕ ਸਕੂਲ ਵਿੱਚ ਵਿਦਿਆਰਥੀਆਂ ਲਈ ਵਿਦਾਇਗੀ ਪਾਰਟੀ ਦਾ ਆਯੋਜਨ
ਫ਼ਿਰੋਜ਼ਪੁਰ 8 ਫਰਵਰੀ (ਸੁਖਵਿੰਦਰ ਸਿੰਘ): ਸ੍ਰੀ ਗੁਰੂ ਹਰਿਕ੍ਰਿਸ਼ਨ ਪਬਲਿਕ ਸਕੂਲ ਵਿਖੇ ਬਾਰ੍ਹਵੀਂ ਜਮਾਤ ਦੇ ਵਿਦਿਆਰਥੀਆਂ ਲਈ ਵਿਦਾਇਗੀ ਪਾਰਟੀ ਦਾ ਆਯੋਜਨ ਕੀਤਾ ਗਿਆ। ਇਸ ਮੌਕੇ ਗਿਆਰ੍ਹਵੀਂ ਜਮਾਤ ਦੇ ਵਿਦਿਆਰਥੀਆਂ ਵੱਲੋਂ ਰੰਗਾਰੰਗ ਪ੍ਰੋਗਰਾਮ ਪੇਸ਼ ਕੀਤਾ ਗਿਆ। ਪ੍ਰਿੰਸੀਪਲ ਨੇ ਵਿਦਿਆਰਥੀਆਂ ਨੂੰ ਸੁਨਹਿਰੀ ਭਵਿੱਖ ਲਈ ਸ਼ੁਭਕਾਮਨਾਵਾਂ ਦਿੱਤੀਆਂ ਅਤੇ ਮਿਹਨਤ ਨਾਲ ਪੜ੍ਹਾਈ ਕਰਨ ਲਈ ਪ੍ਰੇਰਿਤ ਕੀਤਾ।
ਬੀ.ਐਸ.ਐਫ ਖੜਕਾਂ ਕੈਂਪ ਵਿਖੇ ਸ਼ਾਨਦਾਰ ਪਾਸਿੰਗ ਆਊਟ ਪਰੇਡ ਦਾ ਆਯੋਜਨ
ਨਸ਼ਿਆਂ ਨੂੰ ਖਤਮ ਕਰਨ ਲਈ ਜਨ ਅੰਦੋਲਨ ਬਣਾਉਣ ਸਮੇਂ ਦੀ ਲੋੜ? : ਰਾਜਪਾਲ ਗੁਲਾਬ ਚੰਦ ਕਟਾਰੀਆ
ਹੁਸ਼ਿਆਰਪੁਰ, 7 ਫਰਵਰੀ (ਗੁਰਵਿੰਦਰ ਸਿੰਘ): ਪੰਜਾਬ ਦੇ ਰਾਜਪਾਲ ਅਤੇ ਯੂ.ਟੀ. ਚੰਡੀਗੜ੍ਹ ਦੇ ਪ੍ਰਸ਼ਾਸਕ ਸ੍ਰੀ ਗੁਲਾਬ ਚੰਦ ਕਟਾਰੀਆ ਨੇ ਅੱਜ ਬੀ.ਐਸ.ਐਫ ਸਹਾਇਕ ਸਿਖਲਾਈ ਕੇਂਦਰ ਖੜਕਾਂ ਵਿਖੇ ਬੈਚ ਨੰਬਰ 275 ਅਤੇ 276 ਦੇ ਨਵੇਂ ਭਰਤੀ ਹੋਏ ਕਾਂਸਟੇਬਲਾਂ ਦੀ ਪਾਸਿੰਗ ਆਊਟ ਪਰੇਡ ਦਾ ਨਿਰੀਖਣ ਕੀਤਾ। ਰਾਜਪਾਲ ਨੇ ਨਵੇਂ ਜਵਾਨਾਂ ਨੂੰ ਵਧਾਈ ਦਿੰਦਿਆਂ ਕਿਹਾ ਕਿ ਦੇਸ਼ ਦੀਆਂ ਸਰਹੱਦਾਂ ਦੀ ਰਾਖੀ ਕਰਨਾ ਸਭ ਤੋਂ ਵੱਡਾ ਮਾਣ ਹੈ। ਉਨ੍ਹਾਂ ਕਿਹਾ ਕਿ ਨਸ਼ਿਆਂ ਨੂੰ ਖਤਮ ਕਰਨ ਲਈ ਇਸ ਨੂੰ ਜਨ ਅੰਦੋਲਨ ਬਣਾਉਣਾ ਸਮੇਂ ਦੀ ਲੋੜ ਹੈ ਅਤੇ ਨੌਜਵਾਨਾਂ ਨੂੰ ਇਸ ਮੁਹਿੰਮ ਵਿੱਚ ਅੱਗੇ ਆਉਣਾ ਚਾਹੀਦਾ ਹੈ। ਪਰੇਡ ਦੌਰਾਨ ਜਵਾਨਾਂ ਨੇ ਸ਼ਾਨਦਾਰ ਪ੍ਰਦਰਸ਼ਨ ਕੀਤਾ ਅਤੇ ਸਿਖਲਾਈ ਦੌਰਾਨ ਵਧੀਆ ਪ੍ਰਦਰਸ਼ਨ ਕਰਨ ਵਾਲੇ ਜਵਾਨਾਂ ਨੂੰ ਸਨਮਾਨਿਤ ਕੀਤਾ ਗਿਆ।
ਹੁਸ਼ਿਆਰਪੁਰ, 7 ਫਰਵਰੀ (ਗੁਰਵਿੰਦਰ ਸਿੰਘ): ਪੰਜਾਬ ਦੇ ਰਾਜਪਾਲ ਅਤੇ ਯੂ.ਟੀ. ਚੰਡੀਗੜ੍ਹ ਦੇ ਪ੍ਰਸ਼ਾਸਕ ਸ੍ਰੀ ਗੁਲਾਬ ਚੰਦ ਕਟਾਰੀਆ ਨੇ ਅੱਜ ਬੀ.ਐਸ.ਐਫ ਸਹਾਇਕ ਸਿਖਲਾਈ ਕੇਂਦਰ ਖੜਕਾਂ ਵਿਖੇ ਬੈਚ ਨੰਬਰ 275 ਅਤੇ 276 ਦੇ ਨਵੇਂ ਭਰਤੀ ਹੋਏ ਕਾਂਸਟੇਬਲਾਂ ਦੀ ਪਾਸਿੰਗ ਆਊਟ ਪਰੇਡ ਦਾ ਨਿਰੀਖਣ ਕੀਤਾ। ਰਾਜਪਾਲ ਨੇ ਨਵੇਂ ਜਵਾਨਾਂ ਨੂੰ ਵਧਾਈ ਦਿੰਦਿਆਂ ਕਿਹਾ ਕਿ ਦੇਸ਼ ਦੀਆਂ ਸਰਹੱਦਾਂ ਦੀ ਰਾਖੀ ਕਰਨਾ ਸਭ ਤੋਂ ਵੱਡਾ ਮਾਣ ਹੈ। ਉਨ੍ਹਾਂ ਕਿਹਾ ਕਿ ਨਸ਼ਿਆਂ ਨੂੰ ਖਤਮ ਕਰਨ ਲਈ ਇਸ ਨੂੰ ਜਨ ਅੰਦੋਲਨ ਬਣਾਉਣਾ ਸਮੇਂ ਦੀ ਲੋੜ ਹੈ ਅਤੇ ਨੌਜਵਾਨਾਂ ਨੂੰ ਇਸ ਮੁਹਿੰਮ ਵਿੱਚ ਅੱਗੇ ਆਉਣਾ ਚਾਹੀਦਾ ਹੈ। ਪਰੇਡ ਦੌਰਾਨ ਜਵਾਨਾਂ ਨੇ ਸ਼ਾਨਦਾਰ ਪ੍ਰਦਰਸ਼ਨ ਕੀਤਾ ਅਤੇ ਸਿਖਲਾਈ ਦੌਰਾਨ ਵਧੀਆ ਪ੍ਰਦਰਸ਼ਨ ਕਰਨ ਵਾਲੇ ਜਵਾਨਾਂ ਨੂੰ ਸਨਮਾਨਿਤ ਕੀਤਾ ਗਿਆ।
